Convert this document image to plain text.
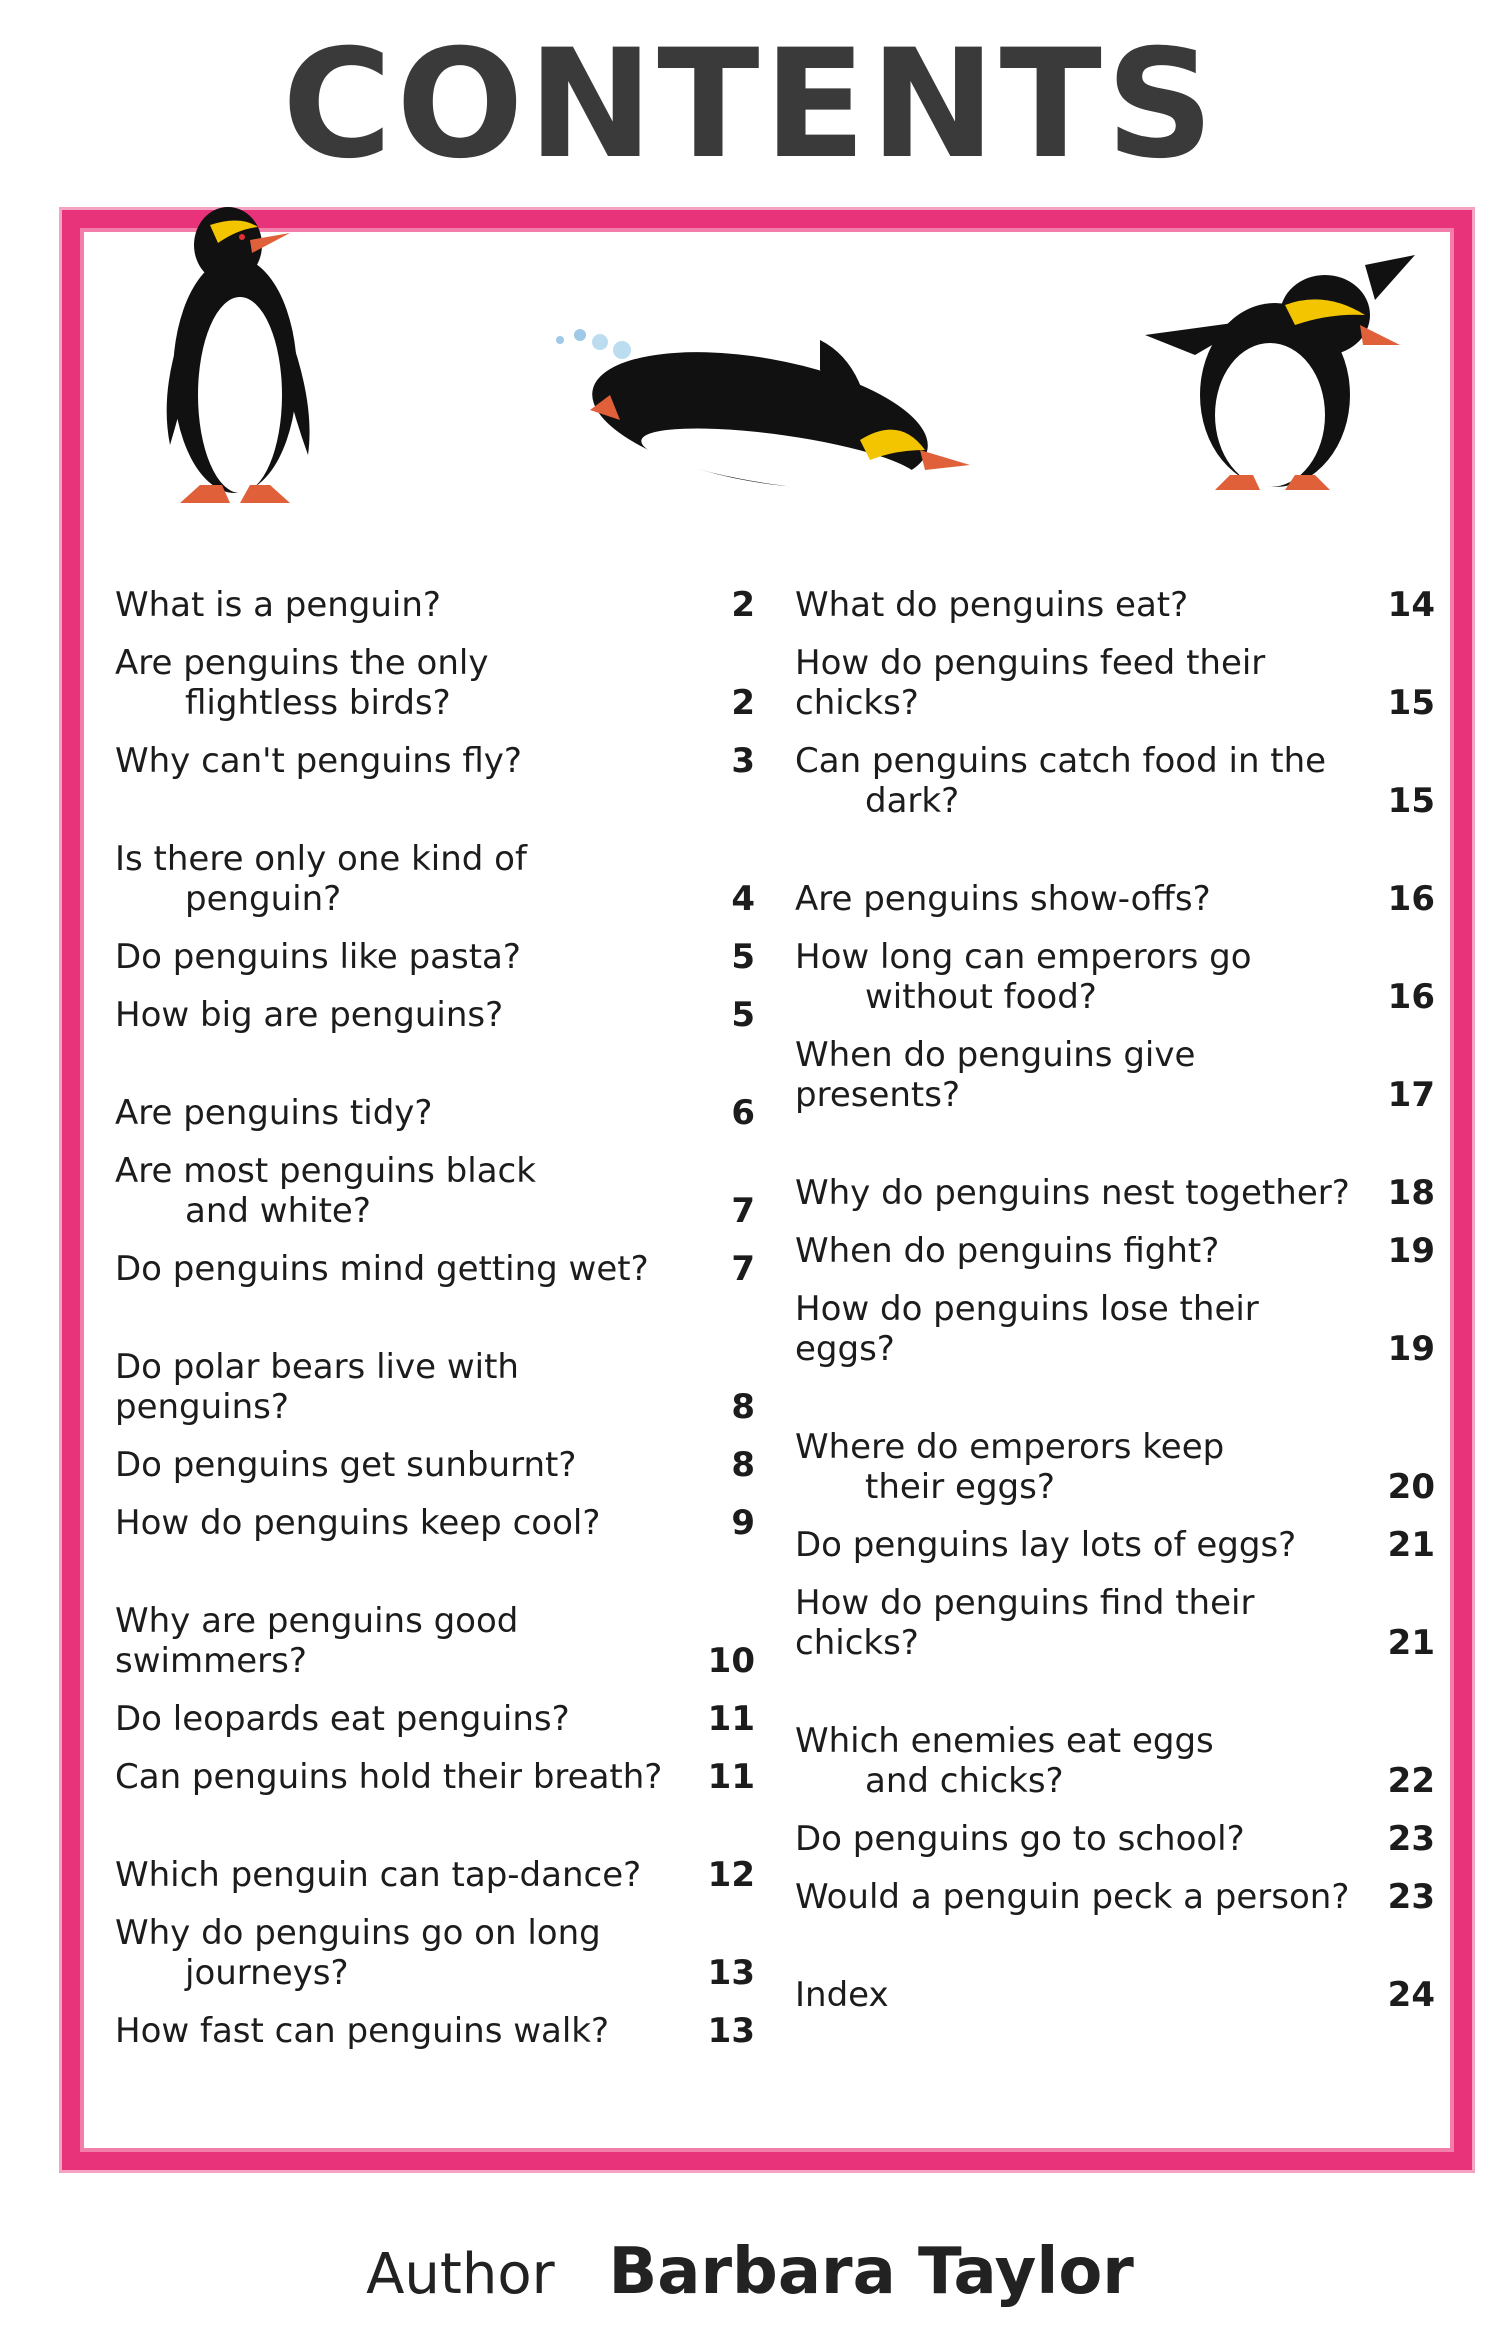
CONTENTS
What is a penguin?	2
Are penguins the only
flightless birds?	2
Why can't penguins fly?	3
Is there only one kind of
penguin?	4
Do penguins like pasta?	5
How big are penguins?	5
Are penguins tidy?	6
Are most penguins black
and white?	7
Do penguins mind getting wet?	7
Do polar bears live with penguins?	8
Do penguins get sunburnt?	8
How do penguins keep cool?	9
Why are penguins good swimmers?	10
Do leopards eat penguins?	11
Can penguins hold their breath? 11
Which penguin can tap-dance? 12
Why do penguins go on long
journeys?	13
How fast can penguins walk?	13
What do penguins eat?	14
How do penguins feed their chicks?	15
Can penguins catch food in the
dark?	15
Are penguins show-offs?	16
How long can emperors go
without food?	16
When do penguins give presents?	17
Why do penguins nest together? 18
When do penguins fight?	19
How do penguins lose their eggs?	19
Where do emperors keep
their eggs?	20
Do penguins lay lots of eggs?	21
How do penguins find their chicks?	21
Which enemies eat eggs
and chicks?	22
Do penguins go to school?	23
Would a penguin peck a person? 23
Index	24
Author Barbara Taylor
